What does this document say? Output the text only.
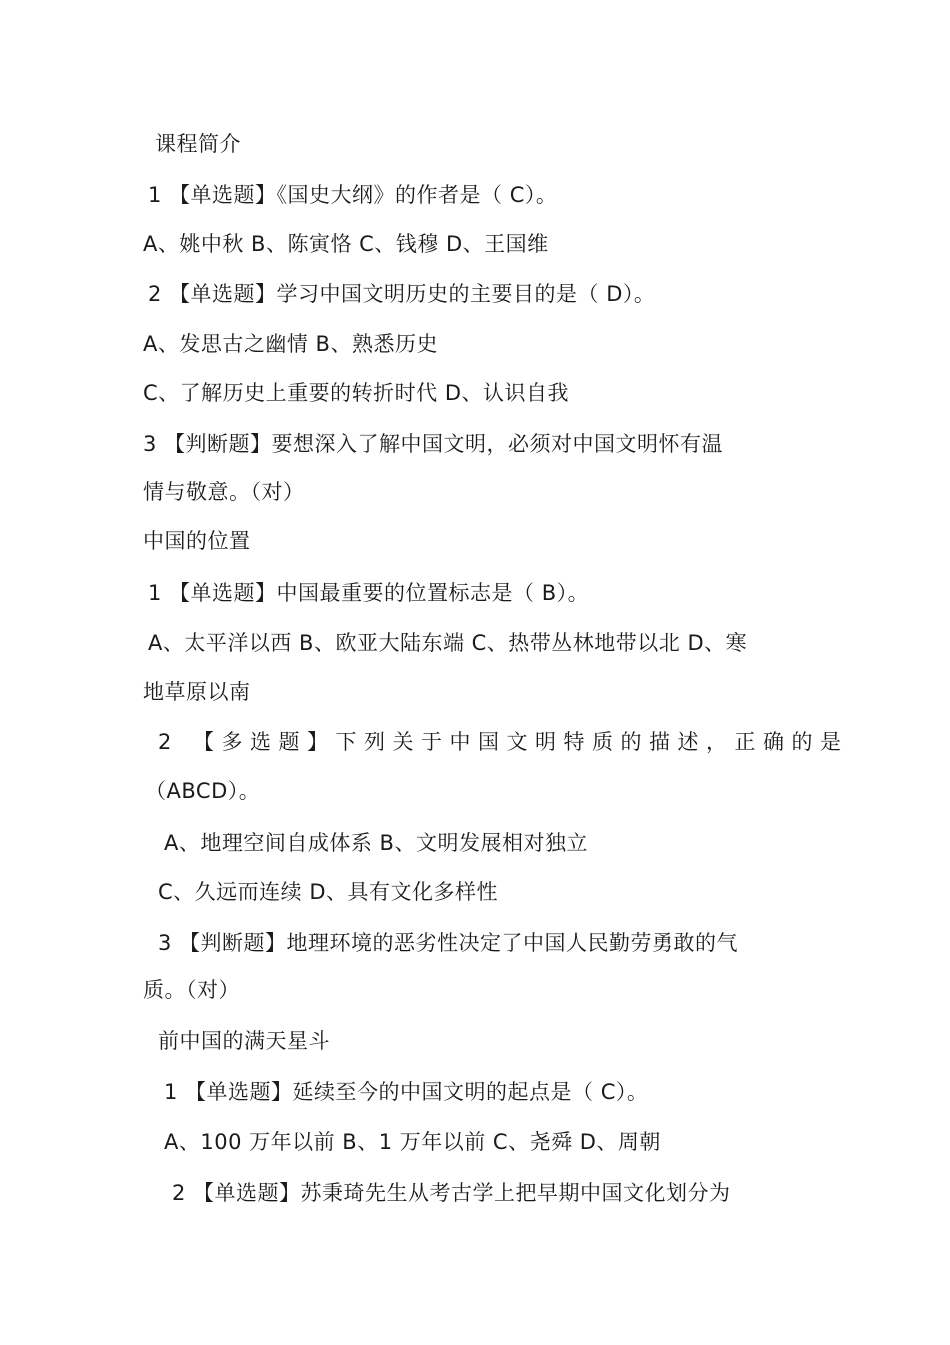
课程简介
1 【单选题】《国史大纲》的作者是（ C）。
A、姚中秋 B、陈寅恪 C、钱穆 D、王国维
2 【单选题】学习中国文明历史的主要目的是（ D）。
A、发思古之幽情 B、熟悉历史
C、了解历史上重要的转折时代 D、认识自我
3 【判断题】要想深入了解中国文明，必须对中国文明怀有温
情与敬意。（对）
中国的位置
1 【单选题】中国最重要的位置标志是（ B）。
A、太平洋以西 B、欧亚大陆东端 C、热带丛林地带以北 D、寒
地草原以南
2 【多选题】下列关于中国文明特质的描述，正确的是
（ABCD）。
A、地理空间自成体系 B、文明发展相对独立
C、久远而连续 D、具有文化多样性
3 【判断题】地理环境的恶劣性决定了中国人民勤劳勇敢的气
质。（对）
前中国的满天星斗
1 【单选题】延续至今的中国文明的起点是（ C）。
A、100 万年以前 B、1 万年以前 C、尧舜 D、周朝
2 【单选题】苏秉琦先生从考古学上把早期中国文化划分为
